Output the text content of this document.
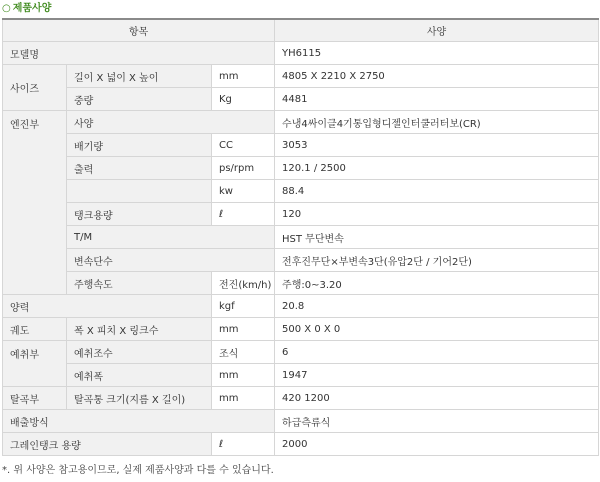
○ 제품사양
항목			사양
모델명			YH6115
사이즈	길이 X 넓이 X 높이	mm	4805 X 2210 X 2750
	중량	Kg	4481
엔진부	사양		수냉4싸이클4기통입형디젤인터쿨러터보(CR)
	배기량	CC	3053
	출력	ps/rpm	120.1 / 2500
		kw	88.4
	탱크용량	ℓ	120
	T/M		HST 무단변속
	변속단수		전후진무단×부변속3단(유압2단 / 기어2단)
	주행속도	전진(km/h)	주행:0~3.20
양력		kgf	20.8
궤도	폭 X 피치 X 링크수	mm	500 X 0 X 0
예취부	예취조수	조식	6
	예취폭	mm	1947
탈곡부	탈곡통 크기(지름 X 길이)	mm	420 1200
배출방식			하급측류식
그레인탱크 용량		ℓ	2000
*. 위 사양은 참고용이므로, 실제 제품사양과 다를 수 있습니다.
